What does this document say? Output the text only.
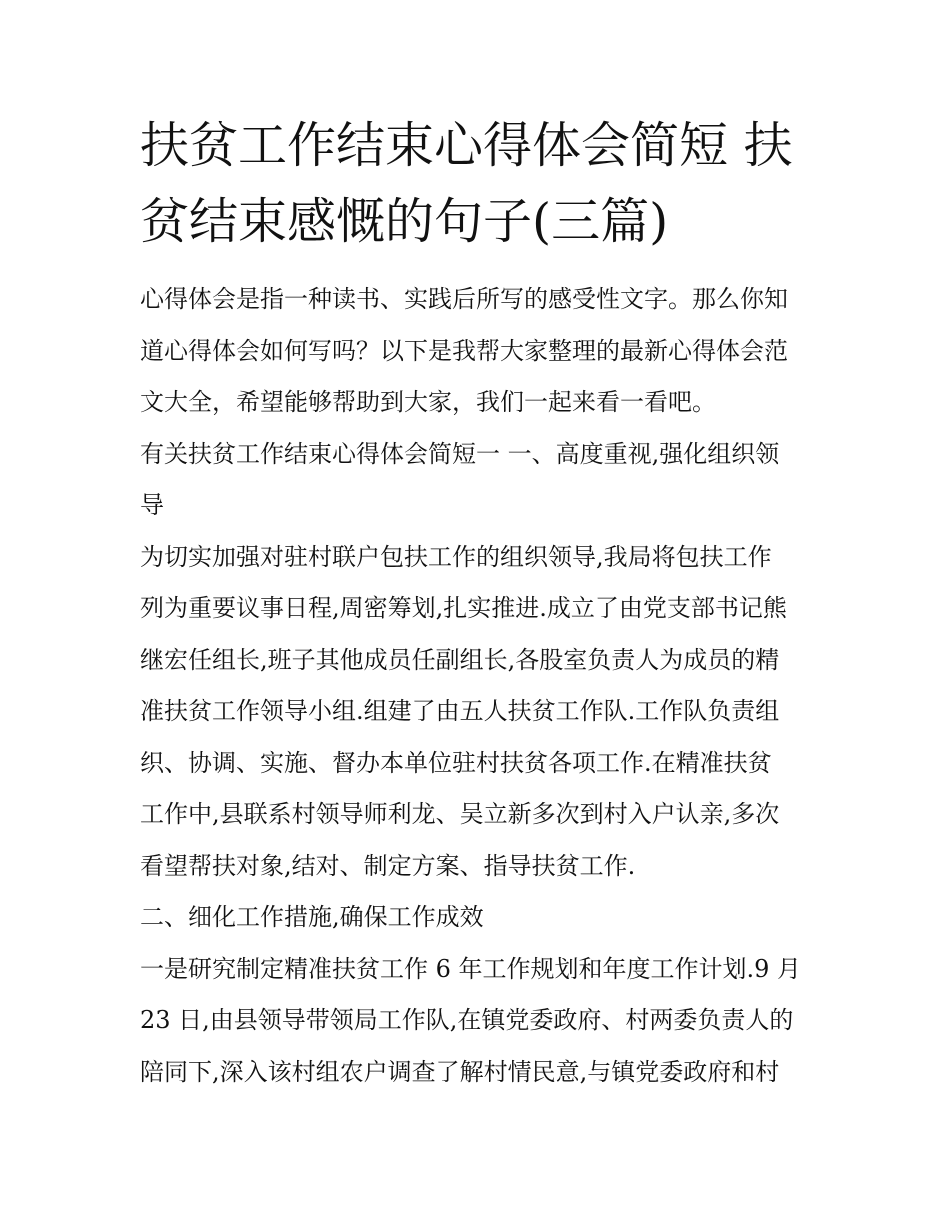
扶贫工作结束心得体会简短 扶

贫结束感慨的句子(三篇)

心得体会是指一种读书、实践后所写的感受性文字。那么你知

道心得体会如何写吗？以下是我帮大家整理的最新心得体会范

文大全，希望能够帮助到大家，我们一起来看一看吧。

有关扶贫工作结束心得体会简短一 一、高度重视,强化组织领

导

为切实加强对驻村联户包扶工作的组织领导,我局将包扶工作

列为重要议事日程,周密筹划,扎实推进.成立了由党支部书记熊

继宏任组长,班子其他成员任副组长,各股室负责人为成员的精

准扶贫工作领导小组.组建了由五人扶贫工作队.工作队负责组

织、协调、实施、督办本单位驻村扶贫各项工作.在精准扶贫

工作中,县联系村领导师利龙、吴立新多次到村入户认亲,多次

看望帮扶对象,结对、制定方案、指导扶贫工作.

二、细化工作措施,确保工作成效

一是研究制定精准扶贫工作 6 年工作规划和年度工作计划.9 月

23 日,由县领导带领局工作队,在镇党委政府、村两委负责人的

陪同下,深入该村组农户调查了解村情民意,与镇党委政府和村
